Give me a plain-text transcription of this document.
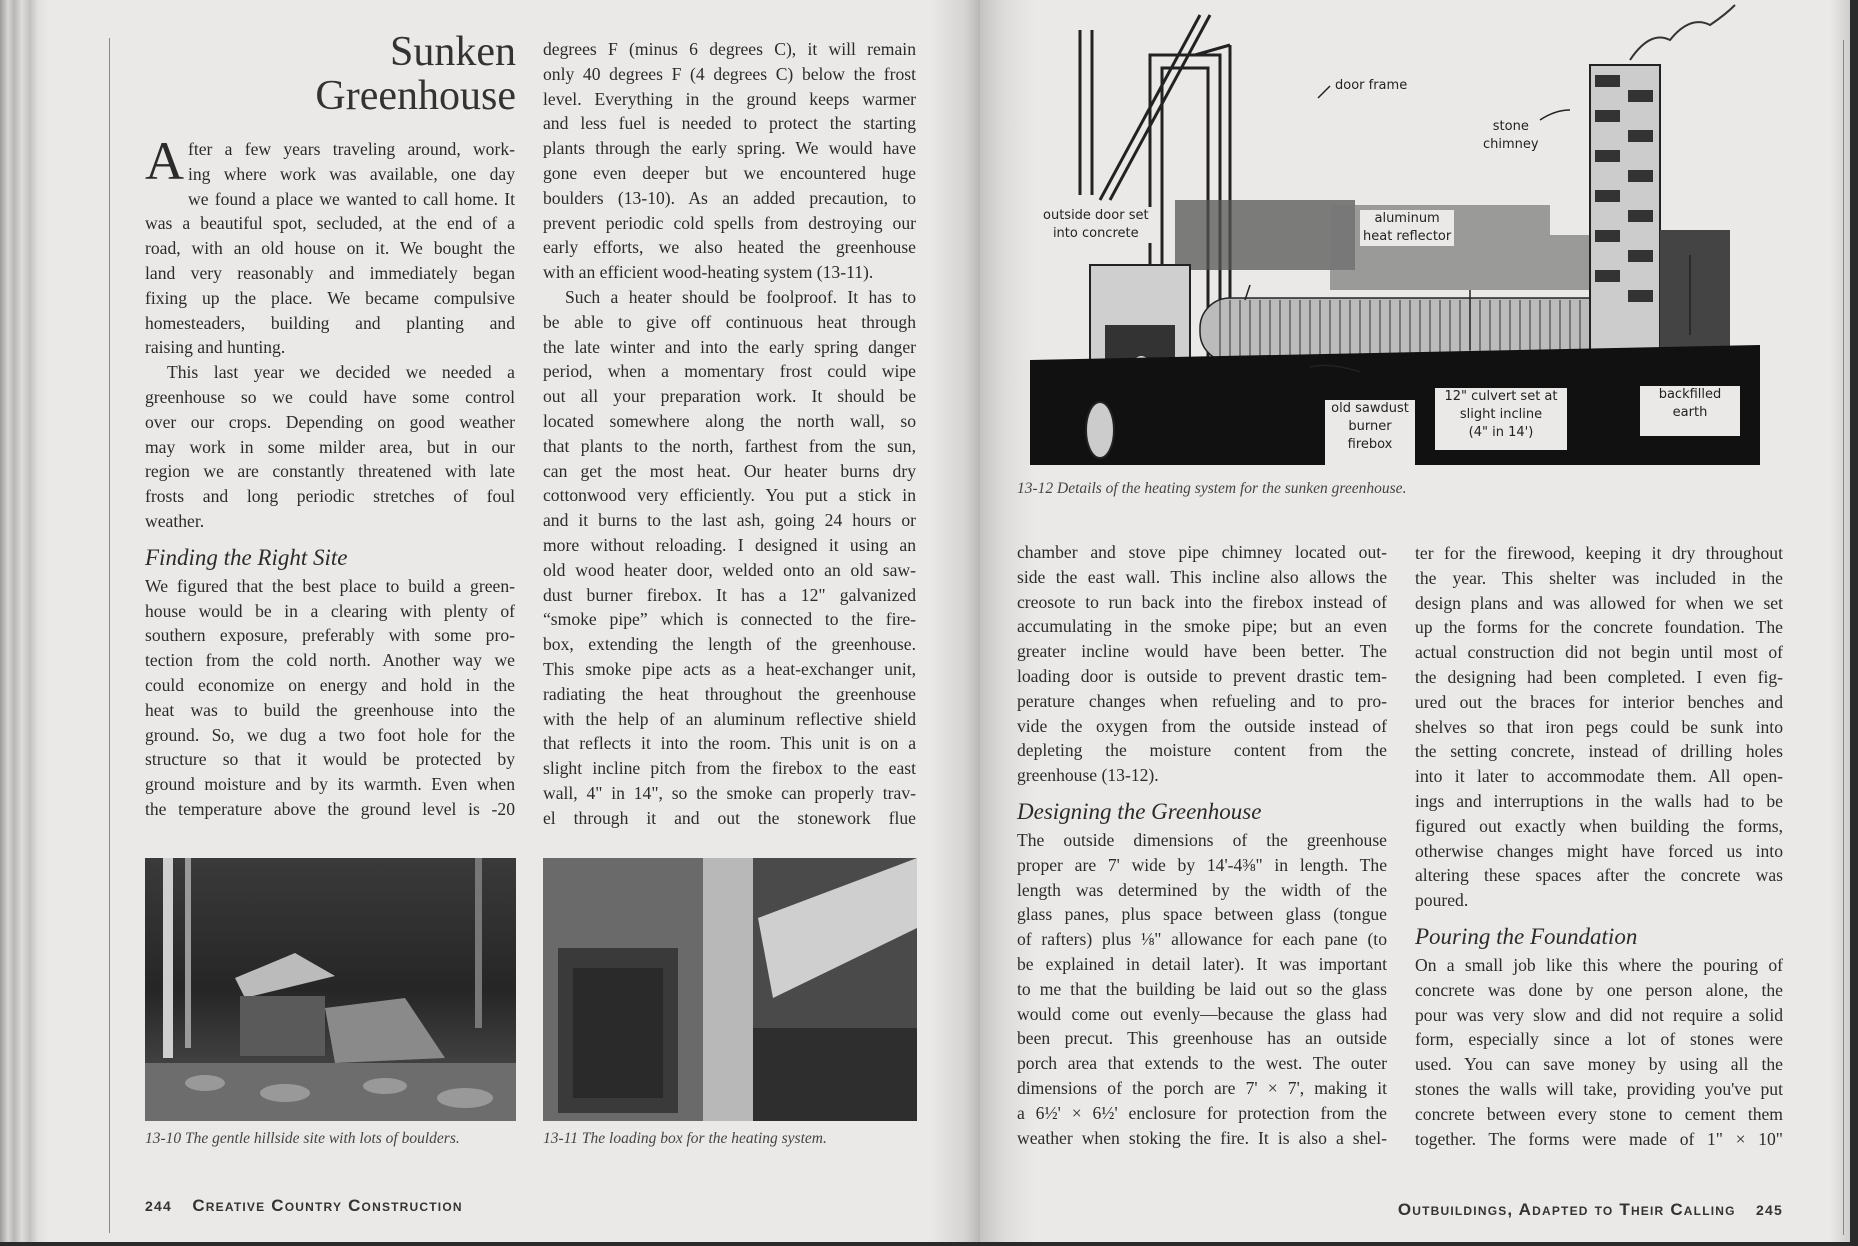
Sunken
Greenhouse
A fter a few years traveling around, work-
ing where work was available, one day
we found a place we wanted to call home. It
was a beautiful spot, secluded, at the end of a
road, with an old house on it. We bought the
land very reasonably and immediately began
fixing up the place. We became compulsive
homesteaders, building and planting and
raising and hunting.
This last year we decided we needed a
greenhouse so we could have some control
over our crops. Depending on good weather
may work in some milder area, but in our
region we are constantly threatened with late
frosts and long periodic stretches of foul
weather.
Finding the Right Site
We figured that the best place to build a green-
house would be in a clearing with plenty of
southern exposure, preferably with some pro-
tection from the cold north. Another way we
could economize on energy and hold in the
heat was to build the greenhouse into the
ground. So, we dug a two foot hole for the
structure so that it would be protected by
ground moisture and by its warmth. Even when
the temperature above the ground level is -20
degrees F (minus 6 degrees C), it will remain
only 40 degrees F (4 degrees C) below the frost
level. Everything in the ground keeps warmer
and less fuel is needed to protect the starting
plants through the early spring. We would have
gone even deeper but we encountered huge
boulders (13-10). As an added precaution, to
prevent periodic cold spells from destroying our
early efforts, we also heated the greenhouse
with an efficient wood-heating system (13-11).
Such a heater should be foolproof. It has to
be able to give off continuous heat through
the late winter and into the early spring danger
period, when a momentary frost could wipe
out all your preparation work. It should be
located somewhere along the north wall, so
that plants to the north, farthest from the sun,
can get the most heat. Our heater burns dry
cottonwood very efficiently. You put a stick in
and it burns to the last ash, going 24 hours or
more without reloading. I designed it using an
old wood heater door, welded onto an old saw-
dust burner firebox. It has a 12" galvanized
“smoke pipe” which is connected to the fire-
box, extending the length of the greenhouse.
This smoke pipe acts as a heat-exchanger unit,
radiating the heat throughout the greenhouse
with the help of an aluminum reflective shield
that reflects it into the room. This unit is on a
slight incline pitch from the firebox to the east
wall, 4" in 14", so the smoke can properly trav-
el through it and out the stonework flue
13-10 The gentle hillside site with lots of boulders.	13-11 The loading box for the heating system.
244 Creative Country Construction
door frame
stone
chimney
outside door set
into concrete
aluminum
heat reflector
old sawdust
burner
firebox
12" culvert set at
slight incline
(4" in 14')
backfilled
earth
13-12 Details of the heating system for the sunken greenhouse.
chamber and stove pipe chimney located out-
side the east wall. This incline also allows the
creosote to run back into the firebox instead of
accumulating in the smoke pipe; but an even
greater incline would have been better. The
loading door is outside to prevent drastic tem-
perature changes when refueling and to pro-
vide the oxygen from the outside instead of
depleting the moisture content from the
greenhouse (13-12).
Designing the Greenhouse
The outside dimensions of the greenhouse
proper are 7' wide by 14'-4⅜" in length. The
length was determined by the width of the
glass panes, plus space between glass (tongue
of rafters) plus ⅛" allowance for each pane (to
be explained in detail later). It was important
to me that the building be laid out so the glass
would come out evenly—because the glass had
been precut. This greenhouse has an outside
porch area that extends to the west. The outer
dimensions of the porch are 7' × 7', making it
a 6½' × 6½' enclosure for protection from the
weather when stoking the fire. It is also a shel-
ter for the firewood, keeping it dry throughout
the year. This shelter was included in the
design plans and was allowed for when we set
up the forms for the concrete foundation. The
actual construction did not begin until most of
the designing had been completed. I even fig-
ured out the braces for interior benches and
shelves so that iron pegs could be sunk into
the setting concrete, instead of drilling holes
into it later to accommodate them. All open-
ings and interruptions in the walls had to be
figured out exactly when building the forms,
otherwise changes might have forced us into
altering these spaces after the concrete was
poured.
Pouring the Foundation
On a small job like this where the pouring of
concrete was done by one person alone, the
pour was very slow and did not require a solid
form, especially since a lot of stones were
used. You can save money by using all the
stones the walls will take, providing you've put
concrete between every stone to cement them
together. The forms were made of 1" × 10"
Outbuildings, Adapted to Their Calling 245
